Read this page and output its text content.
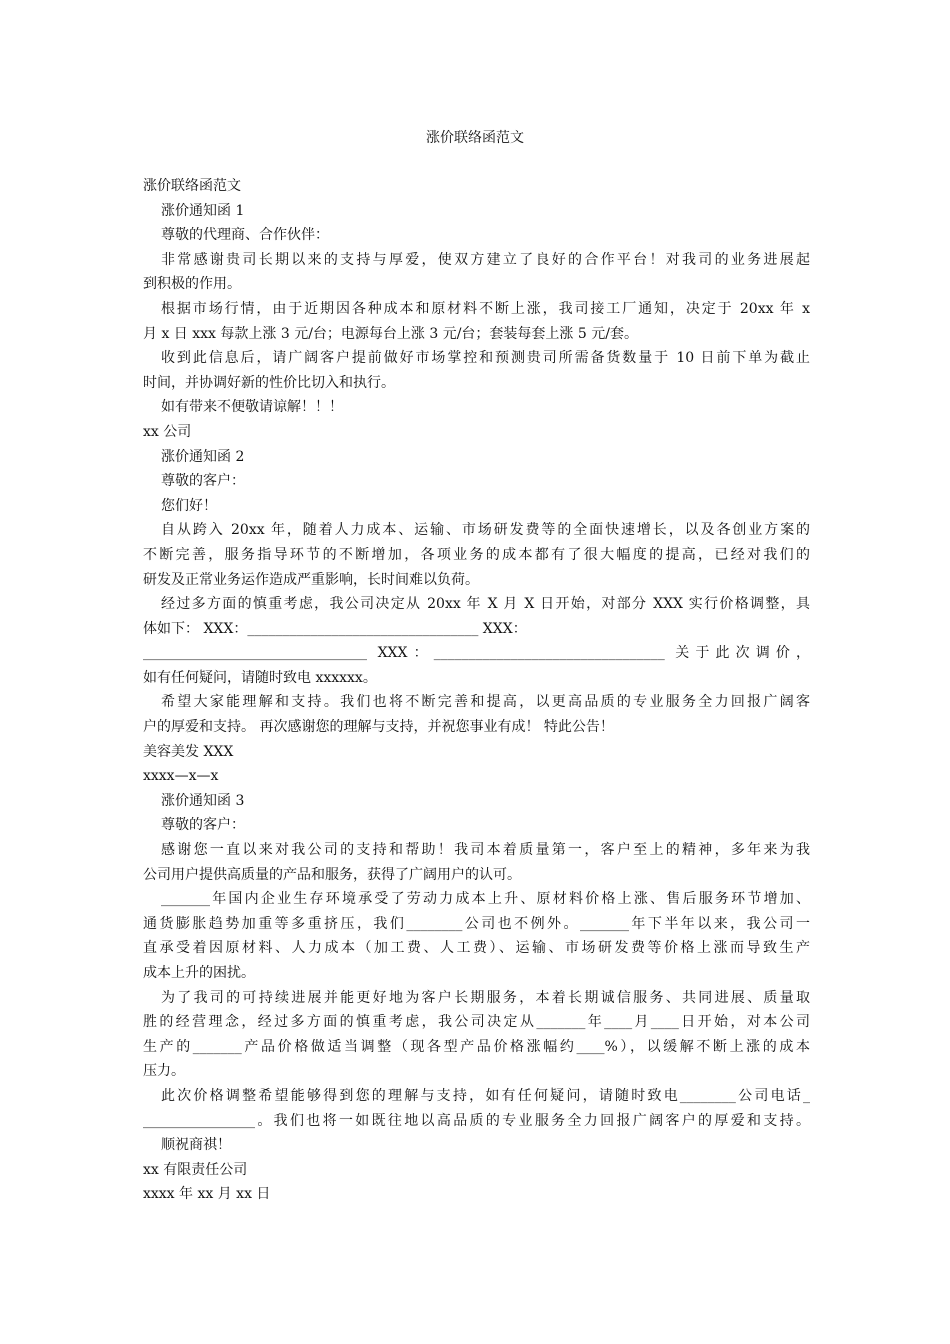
涨价联络函范文

涨价联络函范文

涨价通知函 1

尊敬的代理商、合作伙伴：

非常感谢贵司长期以来的支持与厚爱，使双方建立了良好的合作平台！对我司的业务进展起

到积极的作用。

根据市场行情，由于近期因各种成本和原材料不断上涨，我司接工厂通知，决定于 20xx 年 x

月 x 日 xxx 每款上涨 3 元/台；电源每台上涨 3 元/台；套装每套上涨 5 元/套。

收到此信息后，请广阔客户提前做好市场掌控和预测贵司所需备货数量于 10 日前下单为截止

时间，并协调好新的性价比切入和执行。

如有带来不便敬请谅解！！！

xx 公司

涨价通知函 2

尊敬的客户：

您们好！

自从跨入 20xx 年，随着人力成本、运输、市场研发费等的全面快速增长，以及各创业方案的

不断完善，服务指导环节的不断增加，各项业务的成本都有了很大幅度的提高，已经对我们的

研发及正常业务运作造成严重影响，长时间难以负荷。

经过多方面的慎重考虑，我公司决定从 20xx 年 X 月 X 日开始，对部分 XXX 实行价格调整，具

体如下： XXX：_________________________________ XXX：

________________________________ XXX：_________________________________ 关于此次调价，

如有任何疑问，请随时致电 xxxxxx。

希望大家能理解和支持。我们也将不断完善和提高，以更高品质的专业服务全力回报广阔客

户的厚爱和支持。 再次感谢您的理解与支持，并祝您事业有成！ 特此公告！

美容美发 XXX

xxxx—x—x

涨价通知函 3

尊敬的客户：

感谢您一直以来对我公司的支持和帮助！我司本着质量第一，客户至上的精神，多年来为我

公司用户提供高质量的产品和服务，获得了广阔用户的认可。

_______年国内企业生存环境承受了劳动力成本上升、原材料价格上涨、售后服务环节增加、

通货膨胀趋势加重等多重挤压，我们________公司也不例外。_______年下半年以来，我公司一

直承受着因原材料、人力成本（加工费、人工费）、运输、市场研发费等价格上涨而导致生产

成本上升的困扰。

为了我司的可持续进展并能更好地为客户长期服务，本着长期诚信服务、共同进展、质量取

胜的经营理念，经过多方面的慎重考虑，我公司决定从_______年____月____日开始，对本公司

生产的_______产品价格做适当调整（现各型产品价格涨幅约____%），以缓解不断上涨的成本

压力。

此次价格调整希望能够得到您的理解与支持，如有任何疑问，请随时致电________公司电话_

________________。我们也将一如既往地以高品质的专业服务全力回报广阔客户的厚爱和支持。

顺祝商祺！

xx 有限责任公司

xxxx 年 xx 月 xx 日
